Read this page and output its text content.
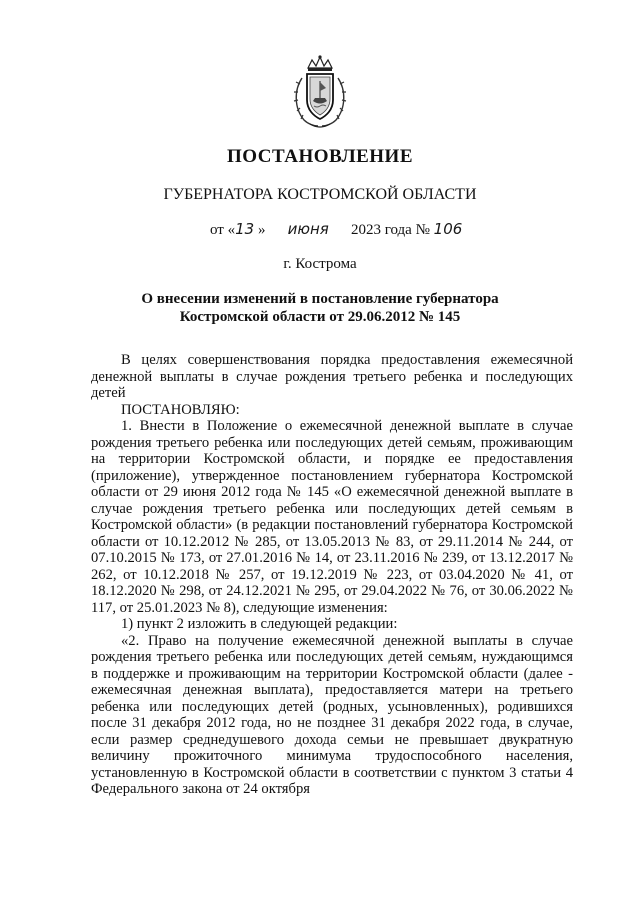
ПОСТАНОВЛЕНИЕ
ГУБЕРНАТОРА КОСТРОМСКОЙ ОБЛАСТИ
от «13 » июня 2023 года № 106
г. Кострома
О внесении изменений в постановление губернатора
Костромской области от 29.06.2012 № 145

В целях совершенствования порядка предоставления ежемесячной денежной выплаты в случае рождения третьего ребенка и последующих детей

ПОСТАНОВЛЯЮ:

1. Внести в Положение о ежемесячной денежной выплате в случае рождения третьего ребенка или последующих детей семьям, проживающим на территории Костромской области, и порядке ее предоставления (приложение), утвержденное постановлением губернатора Костромской области от 29 июня 2012 года № 145 «О ежемесячной денежной выплате в случае рождения третьего ребенка или последующих детей семьям в Костромской области» (в редакции постановлений губернатора Костромской области от 10.12.2012 № 285, от 13.05.2013 № 83, от 29.11.2014 № 244, от 07.10.2015 № 173, от 27.01.2016 № 14, от 23.11.2016 № 239, от 13.12.2017 № 262, от 10.12.2018 № 257, от 19.12.2019 № 223, от 03.04.2020 № 41, от 18.12.2020 № 298, от 24.12.2021 № 295, от 29.04.2022 № 76, от 30.06.2022 № 117, от 25.01.2023 № 8), следующие изменения:

1) пункт 2 изложить в следующей редакции:

«2. Право на получение ежемесячной денежной выплаты в случае рождения третьего ребенка или последующих детей семьям, нуждающимся в поддержке и проживающим на территории Костромской области (далее - ежемесячная денежная выплата), предоставляется матери на третьего ребенка или последующих детей (родных, усыновленных), родившихся после 31 декабря 2012 года, но не позднее 31 декабря 2022 года, в случае, если размер среднедушевого дохода семьи не превышает двукратную величину прожиточного минимума трудоспособного населения, установленную в Костромской области в соответствии с пунктом 3 статьи 4 Федерального закона от 24 октября
